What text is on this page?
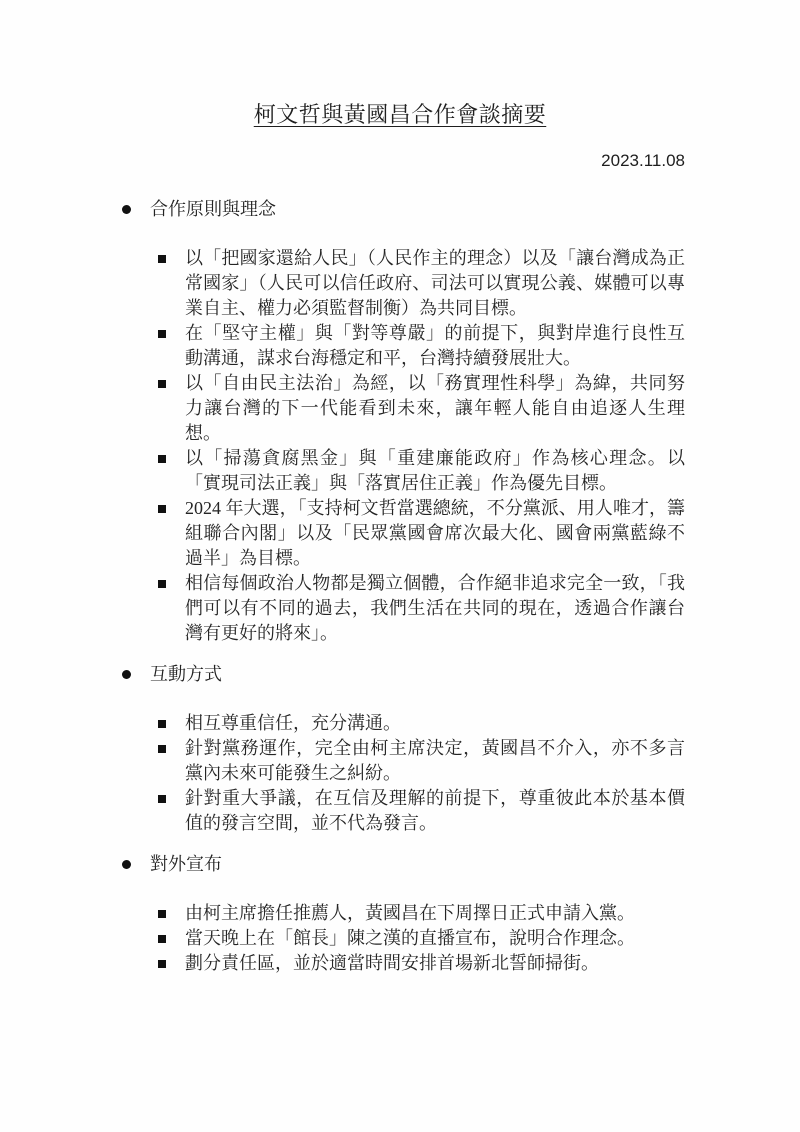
柯文哲與黃國昌合作會談摘要
2023.11.08
合作原則與理念
以「把國家還給人民」（人民作主的理念）以及「讓台灣成為正常國家」（人民可以信任政府、司法可以實現公義、媒體可以專業自主、權力必須監督制衡）為共同目標。
在「堅守主權」與「對等尊嚴」的前提下，與對岸進行良性互動溝通，謀求台海穩定和平，台灣持續發展壯大。
以「自由民主法治」為經，以「務實理性科學」為緯，共同努力讓台灣的下一代能看到未來，讓年輕人能自由追逐人生理想。
以「掃蕩貪腐黑金」與「重建廉能政府」作為核心理念。以「實現司法正義」與「落實居住正義」作為優先目標。
2024 年大選，「支持柯文哲當選總統，不分黨派、用人唯才，籌組聯合內閣」以及「民眾黨國會席次最大化、國會兩黨藍綠不過半」為目標。
相信每個政治人物都是獨立個體，合作絕非追求完全一致，「我們可以有不同的過去，我們生活在共同的現在，透過合作讓台灣有更好的將來」。
互動方式
相互尊重信任，充分溝通。
針對黨務運作，完全由柯主席決定，黃國昌不介入，亦不多言黨內未來可能發生之糾紛。
針對重大爭議，在互信及理解的前提下，尊重彼此本於基本價值的發言空間，並不代為發言。
對外宣布
由柯主席擔任推薦人，黃國昌在下周擇日正式申請入黨。
當天晚上在「館長」陳之漢的直播宣布，說明合作理念。
劃分責任區，並於適當時間安排首場新北誓師掃街。
